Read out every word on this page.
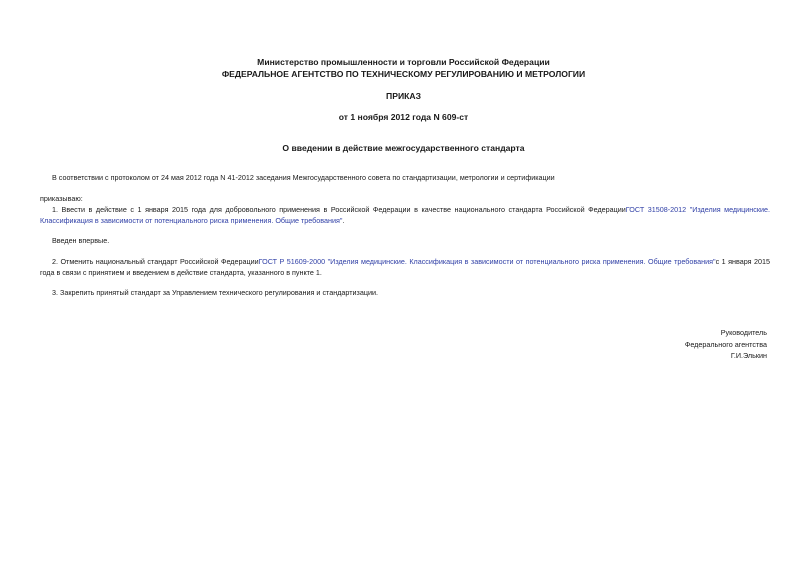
Министерство промышленности и торговли Российской Федерации
ФЕДЕРАЛЬНОЕ АГЕНТСТВО ПО ТЕХНИЧЕСКОМУ РЕГУЛИРОВАНИЮ И МЕТРОЛОГИИ
ПРИКАЗ
от 1 ноября 2012 года N 609-ст
О введении в действие межгосударственного стандарта
В соответствии с протоколом от 24 мая 2012 года N 41-2012 заседания Межгосударственного совета по стандартизации, метрологии и сертификации
приказываю:
1. Ввести в действие с 1 января 2015 года для добровольного применения в Российской Федерации в качестве национального стандарта Российской ФедерацииГОСТ 31508-2012 "Изделия медицинские. Классификация в зависимости от потенциального риска применения. Общие требования".
Введен впервые.
2. Отменить национальный стандарт Российской ФедерацииГОСТ Р 51609-2000 "Изделия медицинские. Классификация в зависимости от потенциального риска применения. Общие требования"с 1 января 2015 года в связи с принятием и введением в действие стандарта, указанного в пункте 1.
3. Закрепить принятый стандарт за Управлением технического регулирования и стандартизации.
Руководитель
Федерального агентства
Г.И.Элькин
